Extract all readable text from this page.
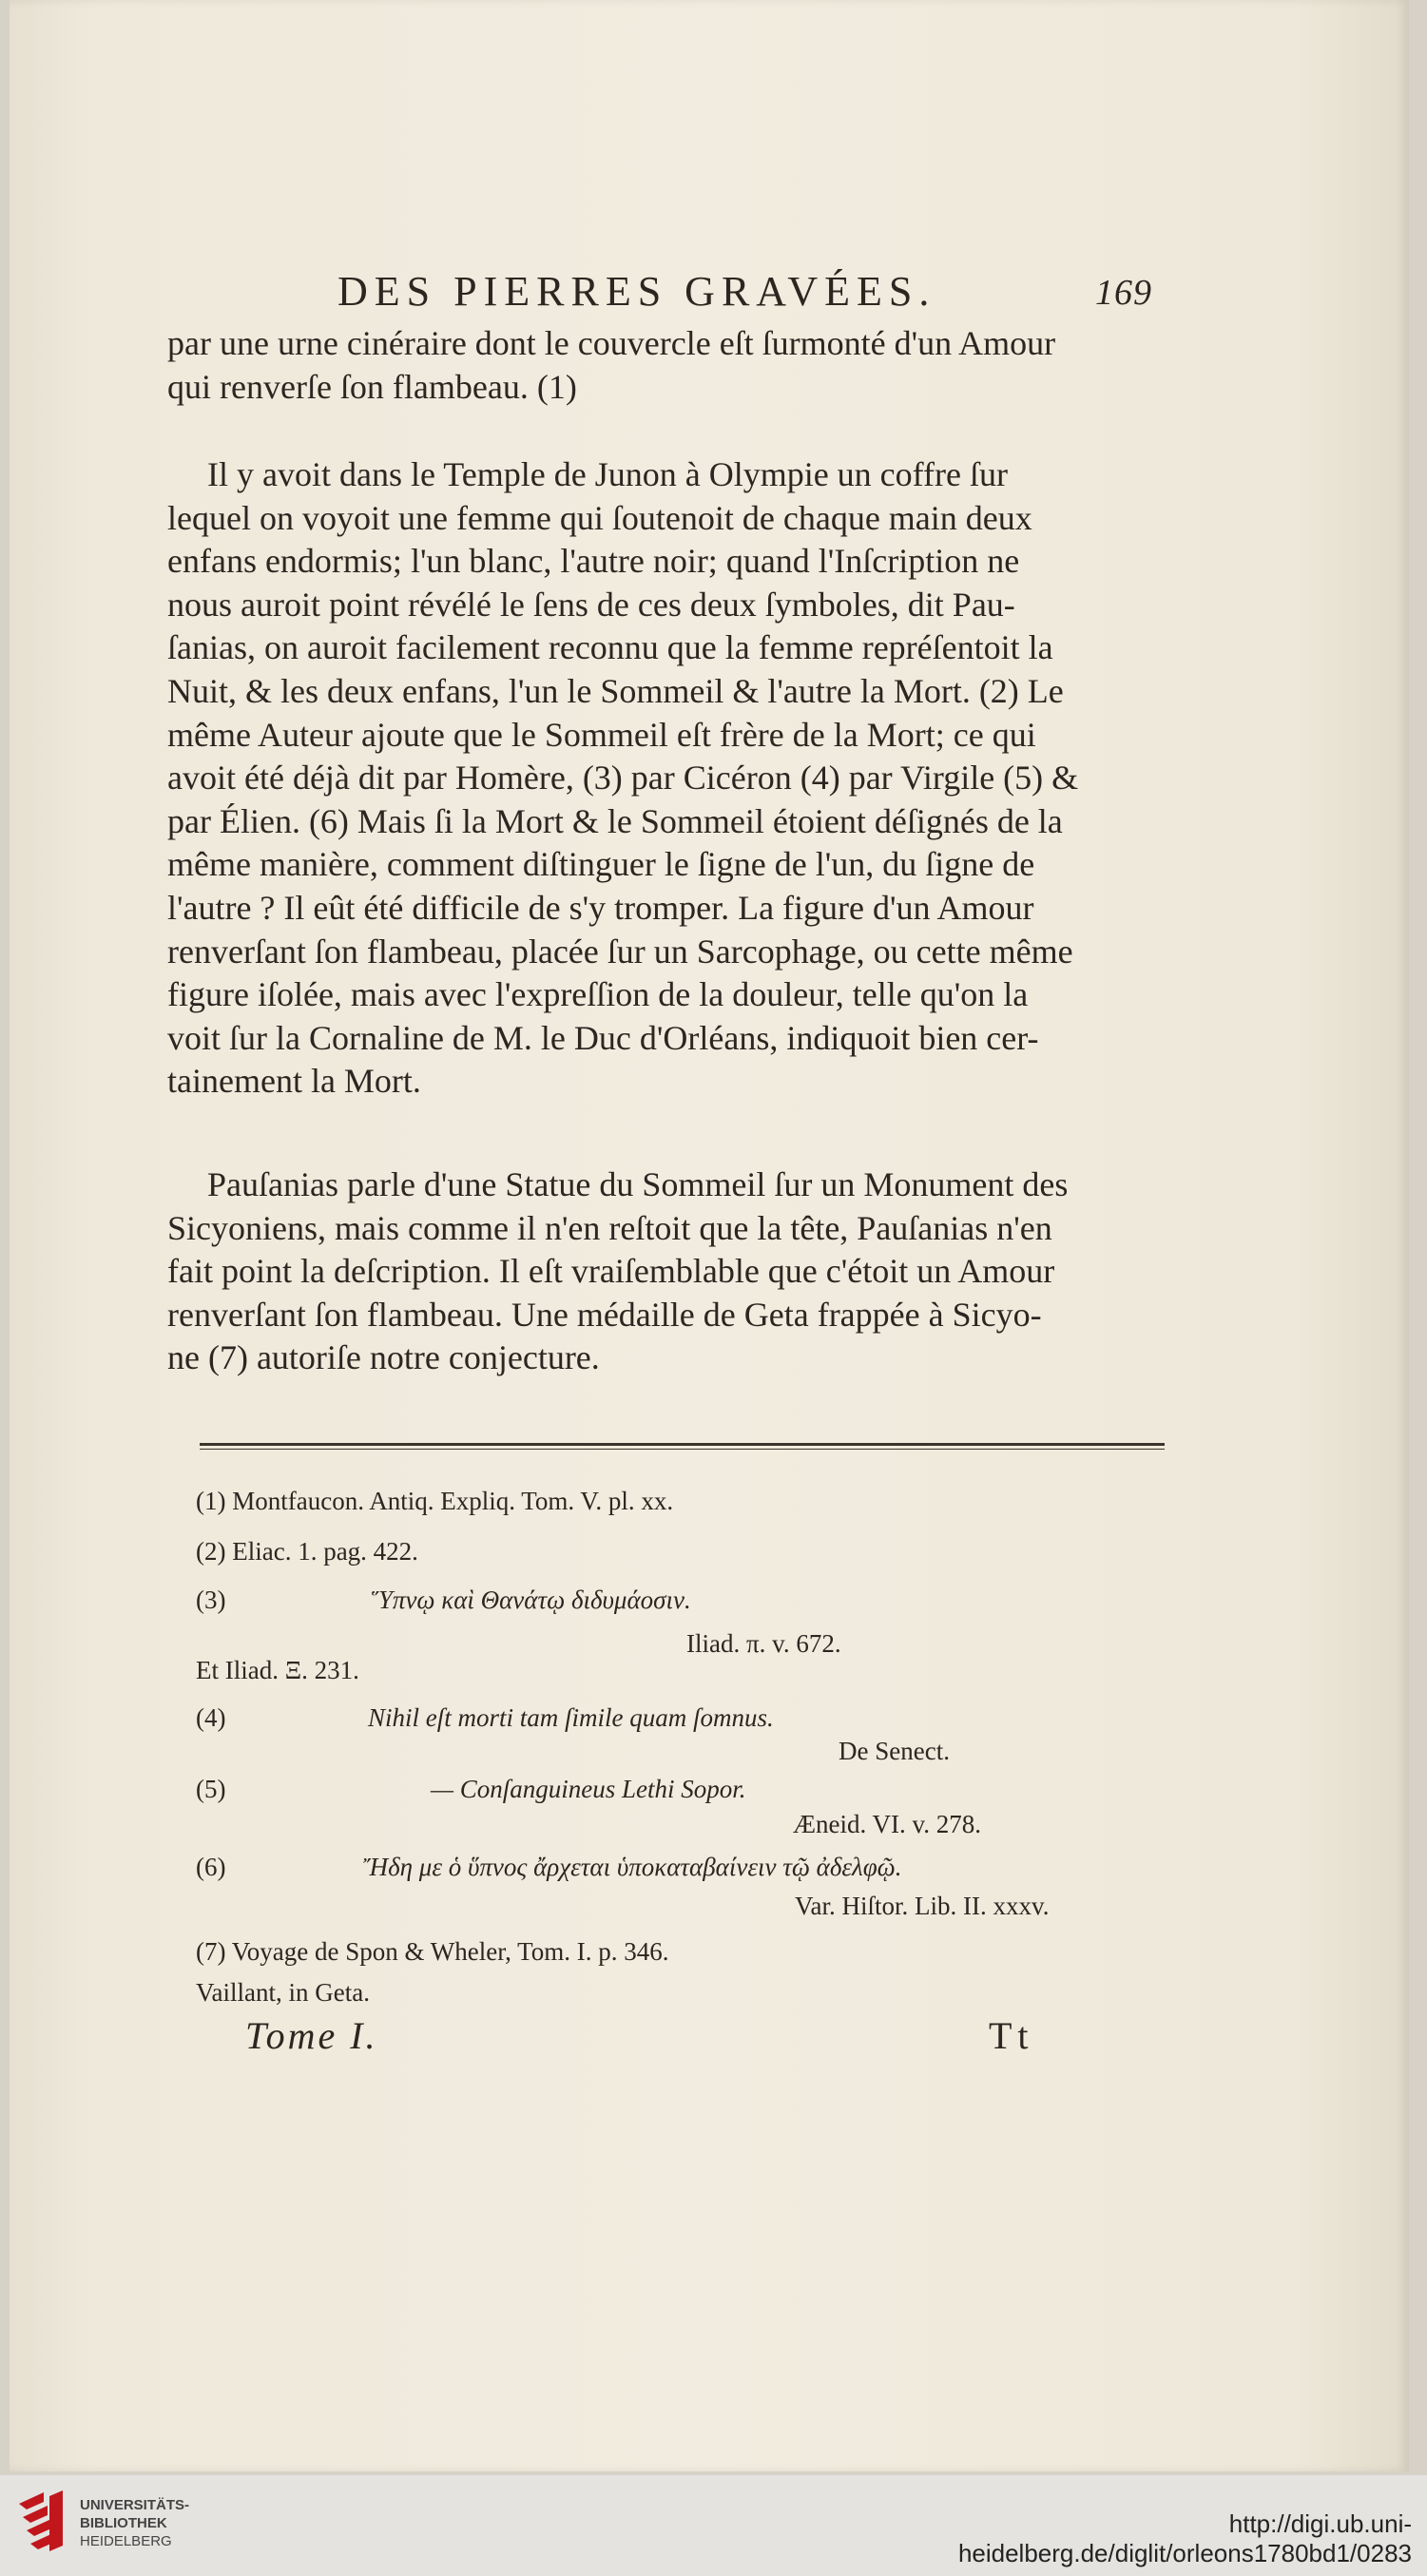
DES PIERRES GRAVÉES.	169
par une urne cinéraire dont le couvercle eſt ſurmonté d'un Amour
qui renverſe ſon flambeau. (1)
Il y avoit dans le Temple de Junon à Olympie un coffre ſur
lequel on voyoit une femme qui ſoutenoit de chaque main deux
enfans endormis; l'un blanc, l'autre noir; quand l'Inſcription ne
nous auroit point révélé le ſens de ces deux ſymboles, dit Pau-
ſanias, on auroit facilement reconnu que la femme repréſentoit la
Nuit, & les deux enfans, l'un le Sommeil & l'autre la Mort. (2) Le
même Auteur ajoute que le Sommeil eſt frère de la Mort; ce qui
avoit été déjà dit par Homère, (3) par Cicéron (4) par Virgile (5) &
par Élien. (6) Mais ſi la Mort & le Sommeil étoient déſignés de la
même manière, comment diſtinguer le ſigne de l'un, du ſigne de
l'autre ? Il eût été difficile de s'y tromper. La figure d'un Amour
renverſant ſon flambeau, placée ſur un Sarcophage, ou cette même
figure iſolée, mais avec l'expreſſion de la douleur, telle qu'on la
voit ſur la Cornaline de M. le Duc d'Orléans, indiquoit bien cer-
tainement la Mort.
Pauſanias parle d'une Statue du Sommeil ſur un Monument des
Sicyoniens, mais comme il n'en reſtoit que la tête, Pauſanias n'en
fait point la deſcription. Il eſt vraiſemblable que c'étoit un Amour
renverſant ſon flambeau. Une médaille de Geta frappée à Sicyo-
ne (7) autoriſe notre conjecture.
(1) Montfaucon. Antiq. Expliq. Tom. V. pl. xx.
(2) Eliac. 1. pag. 422.
(3)	Ὕπνῳ καὶ Θανάτῳ διδυμάοσιν.
Iliad. π. v. 672.
Et Iliad. Ξ. 231.
(4)	Nihil eſt morti tam ſimile quam ſomnus.
De Senect.
(5)	— Conſanguineus Lethi Sopor.
Æneid. VI. v. 278.
(6)	Ἤδη με ὁ ὕπνος ἄρχεται ὑποκαταβαίνειν τῷ ἀδελφῷ.
Var. Hiſtor. Lib. II. xxxv.
(7) Voyage de Spon & Wheler, Tom. I. p. 346.
Vaillant, in Geta.
Tome I.	Tt
UNIVERSITÄTS-
BIBLIOTHEK
HEIDELBERG
http://digi.ub.uni-heidelberg.de/diglit/orleons1780bd1/0283
